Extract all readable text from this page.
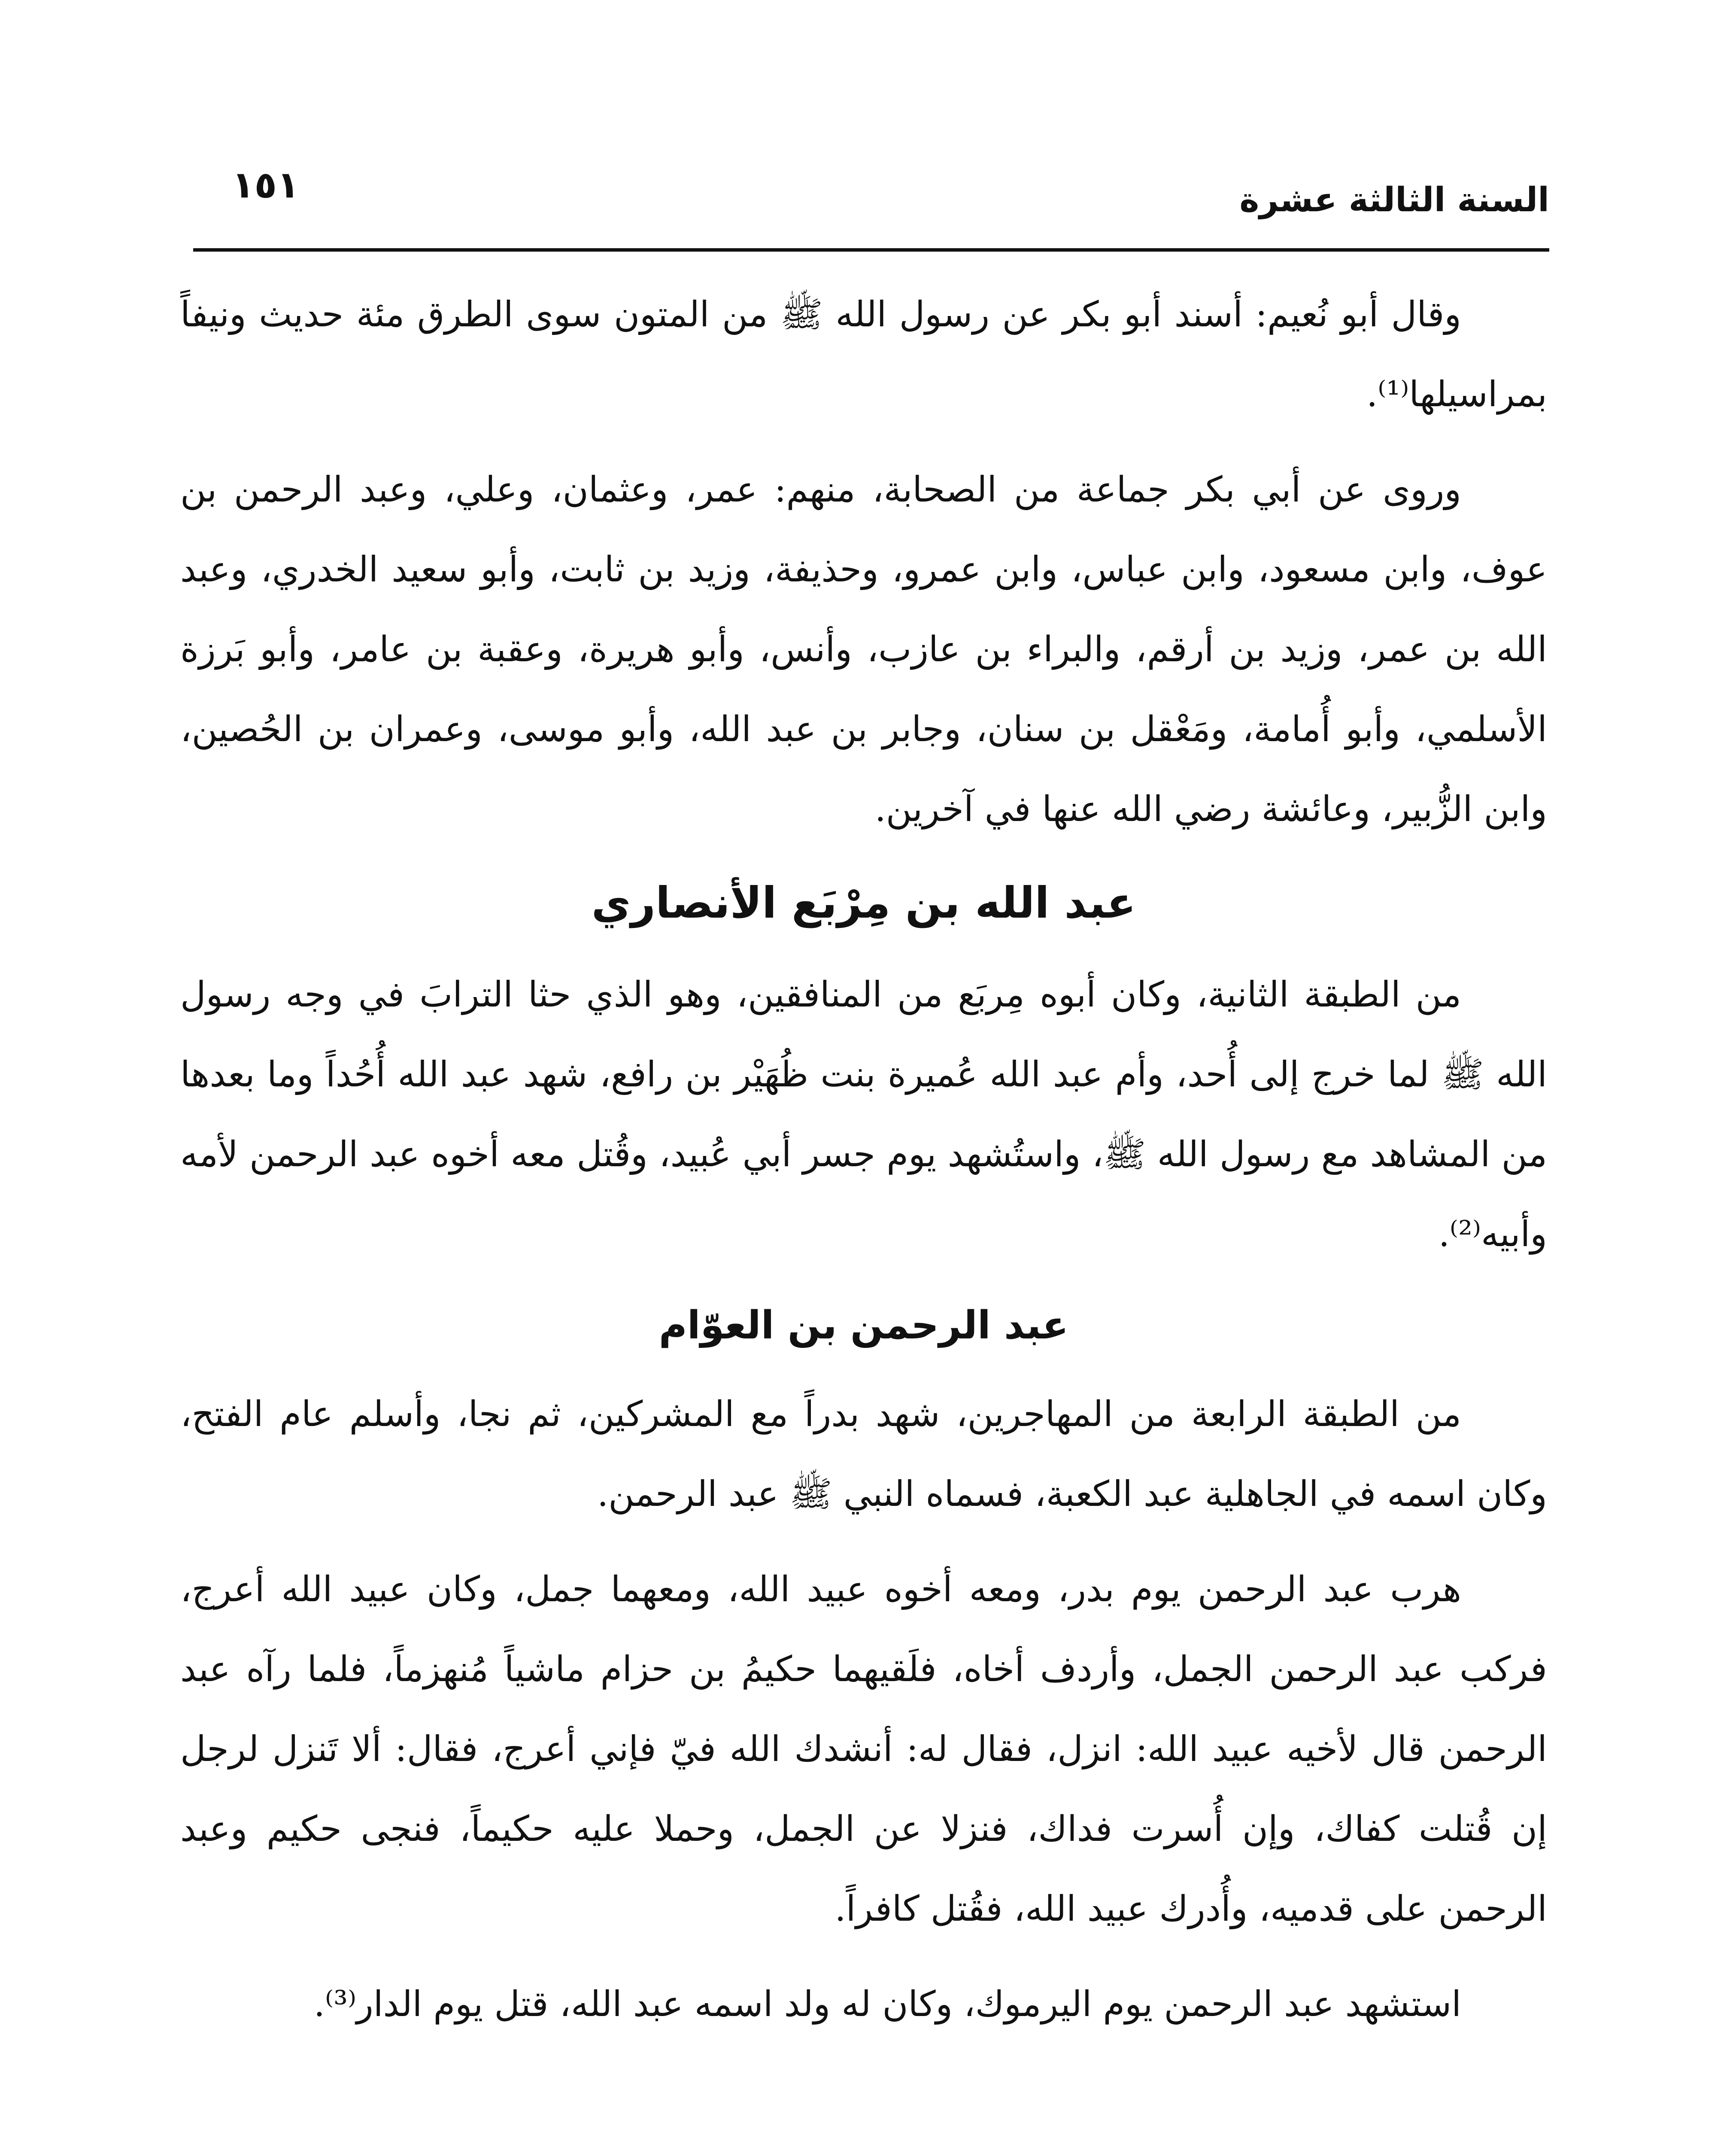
السنة الثالثة عشرة
١٥١

وقال أبو نُعيم: أسند أبو بكر عن رسول الله ﷺ من المتون سوى الطرق مئة حديث ونيفاً بمراسيلها⁽¹⁾.

وروى عن أبي بكر جماعة من الصحابة، منهم: عمر، وعثمان، وعلي، وعبد الرحمن بن عوف، وابن مسعود، وابن عباس، وابن عمرو، وحذيفة، وزيد بن ثابت، وأبو سعيد الخدري، وعبد الله بن عمر، وزيد بن أرقم، والبراء بن عازب، وأنس، وأبو هريرة، وعقبة بن عامر، وأبو بَرزة الأسلمي، وأبو أُمامة، ومَعْقل بن سنان، وجابر بن عبد الله، وأبو موسى، وعمران بن الحُصين، وابن الزُّبير، وعائشة رضي الله عنها في آخرين.

عبد الله بن مِرْبَع الأنصاري

من الطبقة الثانية، وكان أبوه مِربَع من المنافقين، وهو الذي حثا الترابَ في وجه رسول الله ﷺ لما خرج إلى أُحد، وأم عبد الله عُميرة بنت ظُهَيْر بن رافع، شهد عبد الله أُحُداً وما بعدها من المشاهد مع رسول الله ﷺ، واستُشهد يوم جسر أبي عُبيد، وقُتل معه أخوه عبد الرحمن لأمه وأبيه⁽²⁾.

عبد الرحمن بن العوّام

من الطبقة الرابعة من المهاجرين، شهد بدراً مع المشركين، ثم نجا، وأسلم عام الفتح، وكان اسمه في الجاهلية عبد الكعبة، فسماه النبي ﷺ عبد الرحمن.

هرب عبد الرحمن يوم بدر، ومعه أخوه عبيد الله، ومعهما جمل، وكان عبيد الله أعرج، فركب عبد الرحمن الجمل، وأردف أخاه، فلَقيهما حكيمُ بن حزام ماشياً مُنهزماً، فلما رآه عبد الرحمن قال لأخيه عبيد الله: انزل، فقال له: أنشدك الله فيّ فإني أعرج، فقال: ألا تَنزل لرجل إن قُتلت كفاك، وإن أُسرت فداك، فنزلا عن الجمل، وحملا عليه حكيماً، فنجى حكيم وعبد الرحمن على قدميه، وأُدرك عبيد الله، فقُتل كافراً.

استشهد عبد الرحمن يوم اليرموك، وكان له ولد اسمه عبد الله، قتل يوم الدار⁽³⁾.
